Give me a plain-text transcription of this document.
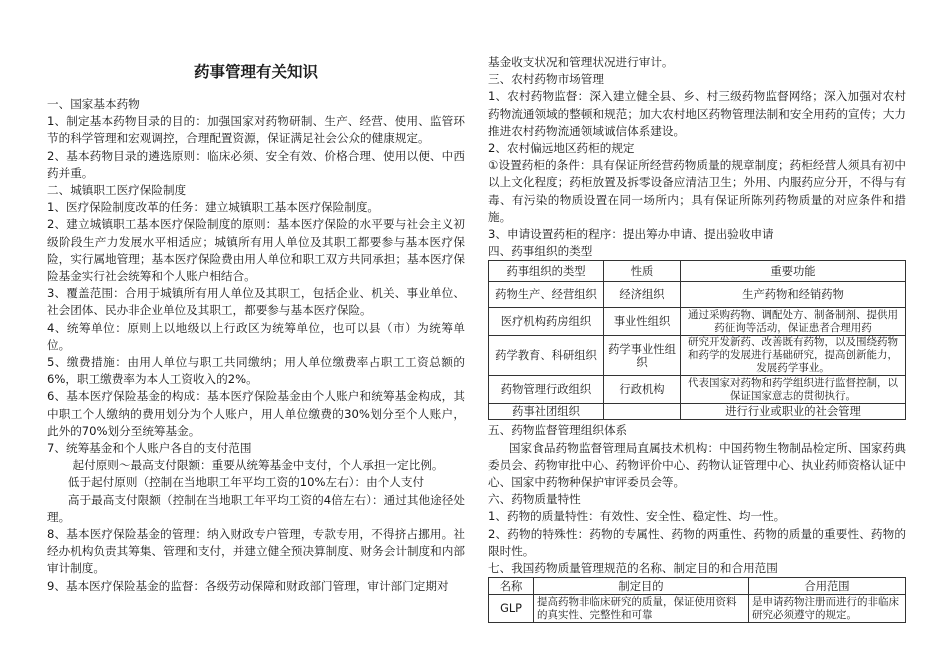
药事管理有关知识

一、国家基本药物

1、制定基本药物目录的目的：加强国家对药物研制、生产、经营、使用、监管环节的科学管理和宏观调控，合理配置资源，保证满足社会公众的健康规定。

2、基本药物目录的遴选原则：临床必须、安全有效、价格合理、使用以便、中西药并重。

二、城镇职工医疗保险制度

1、医疗保险制度改革的任务：建立城镇职工基本医疗保险制度。

2、建立城镇职工基本医疗保险制度的原则：基本医疗保险的水平要与社会主义初级阶段生产力发展水平相适应；城镇所有用人单位及其职工都要参与基本医疗保险，实行属地管理；基本医疗保险费由用人单位和职工双方共同承担；基本医疗保险基金实行社会统筹和个人账户相结合。

3、覆盖范围：合用于城镇所有用人单位及其职工，包括企业、机关、事业单位、社会团体、民办非企业单位及其职工，都要参与基本医疗保险。

4、统筹单位：原则上以地级以上行政区为统筹单位，也可以县（市）为统筹单位。

5、缴费措施：由用人单位与职工共同缴纳；用人单位缴费率占职工工资总额的6%，职工缴费率为本人工资收入的2%。

6、基本医疗保险基金的构成：基本医疗保险基金由个人账户和统筹基金构成，其中职工个人缴纳的费用划分为个人账户，用人单位缴费的30%划分至个人账户，此外的70%划分至统筹基金。

7、统筹基金和个人账户各自的支付范围

起付原则～最高支付限额：重要从统筹基金中支付，个人承担一定比例。

低于起付原则（控制在当地职工年平均工资的10%左右）：由个人支付

高于最高支付限额（控制在当地职工年平均工资的4倍左右）：通过其他途径处理。

8、基本医疗保险基金的管理：纳入财政专户管理，专款专用，不得挤占挪用。社经办机构负责其筹集、管理和支付，并建立健全预决算制度、财务会计制度和内部审计制度。

9、基本医疗保险基金的监督：各级劳动保障和财政部门管理，审计部门定期对

基金收支状况和管理状况进行审计。

三、农村药物市场管理

1、农村药物监督：深入建立健全县、乡、村三级药物监督网络；深入加强对农村药物流通领域的整顿和规范；加大农村地区药物管理法制和安全用药的宣传；大力推进农村药物流通领域诚信体系建设。

2、农村偏远地区药柜的规定

①设置药柜的条件：具有保证所经营药物质量的规章制度；药柜经营人须具有初中以上文化程度；药柜放置及拆零设备应清洁卫生；外用、内服药应分开，不得与有毒、有污染的物质设置在同一场所内；具有保证所陈列药物质量的对应条件和措施。

3、申请设置药柜的程序：提出筹办申请、提出验收申请

四、药事组织的类型

药事组织的类型	性质	重要功能
药物生产、经营组织	经济组织	生产药物和经销药物
医疗机构药房组织	事业性组织	通过采购药物、调配处方、制备制剂、提供用药征询等活动，保证患者合理用药
药学教育、科研组织	药学事业性组织	研究开发新药、改善既有药物，以及围绕药物和药学的发展进行基础研究，提高创新能力，发展药学事业。
药物管理行政组织	行政机构	代表国家对药物和药学组织进行监督控制，以保证国家意志的贯彻执行。
药事社团组织		进行行业或职业的社会管理

五、药物监督管理组织体系

国家食品药物监督管理局直属技术机构：中国药物生物制品检定所、国家药典委员会、药物审批中心、药物评价中心、药物认证管理中心、执业药师资格认证中心、国家中药物种保护审评委员会等。

六、药物质量特性

1、药物的质量特性：有效性、安全性、稳定性、均一性。

2、药物的特殊性：药物的专属性、药物的两重性、药物的质量的重要性、药物的限时性。

七、我国药物质量管理规范的名称、制定目的和合用范围

名称	制定目的	合用范围
GLP	提高药物非临床研究的质量，保证使用资料的真实性、完整性和可靠	是申请药物注册而进行的非临床研究必须遵守的规定。
